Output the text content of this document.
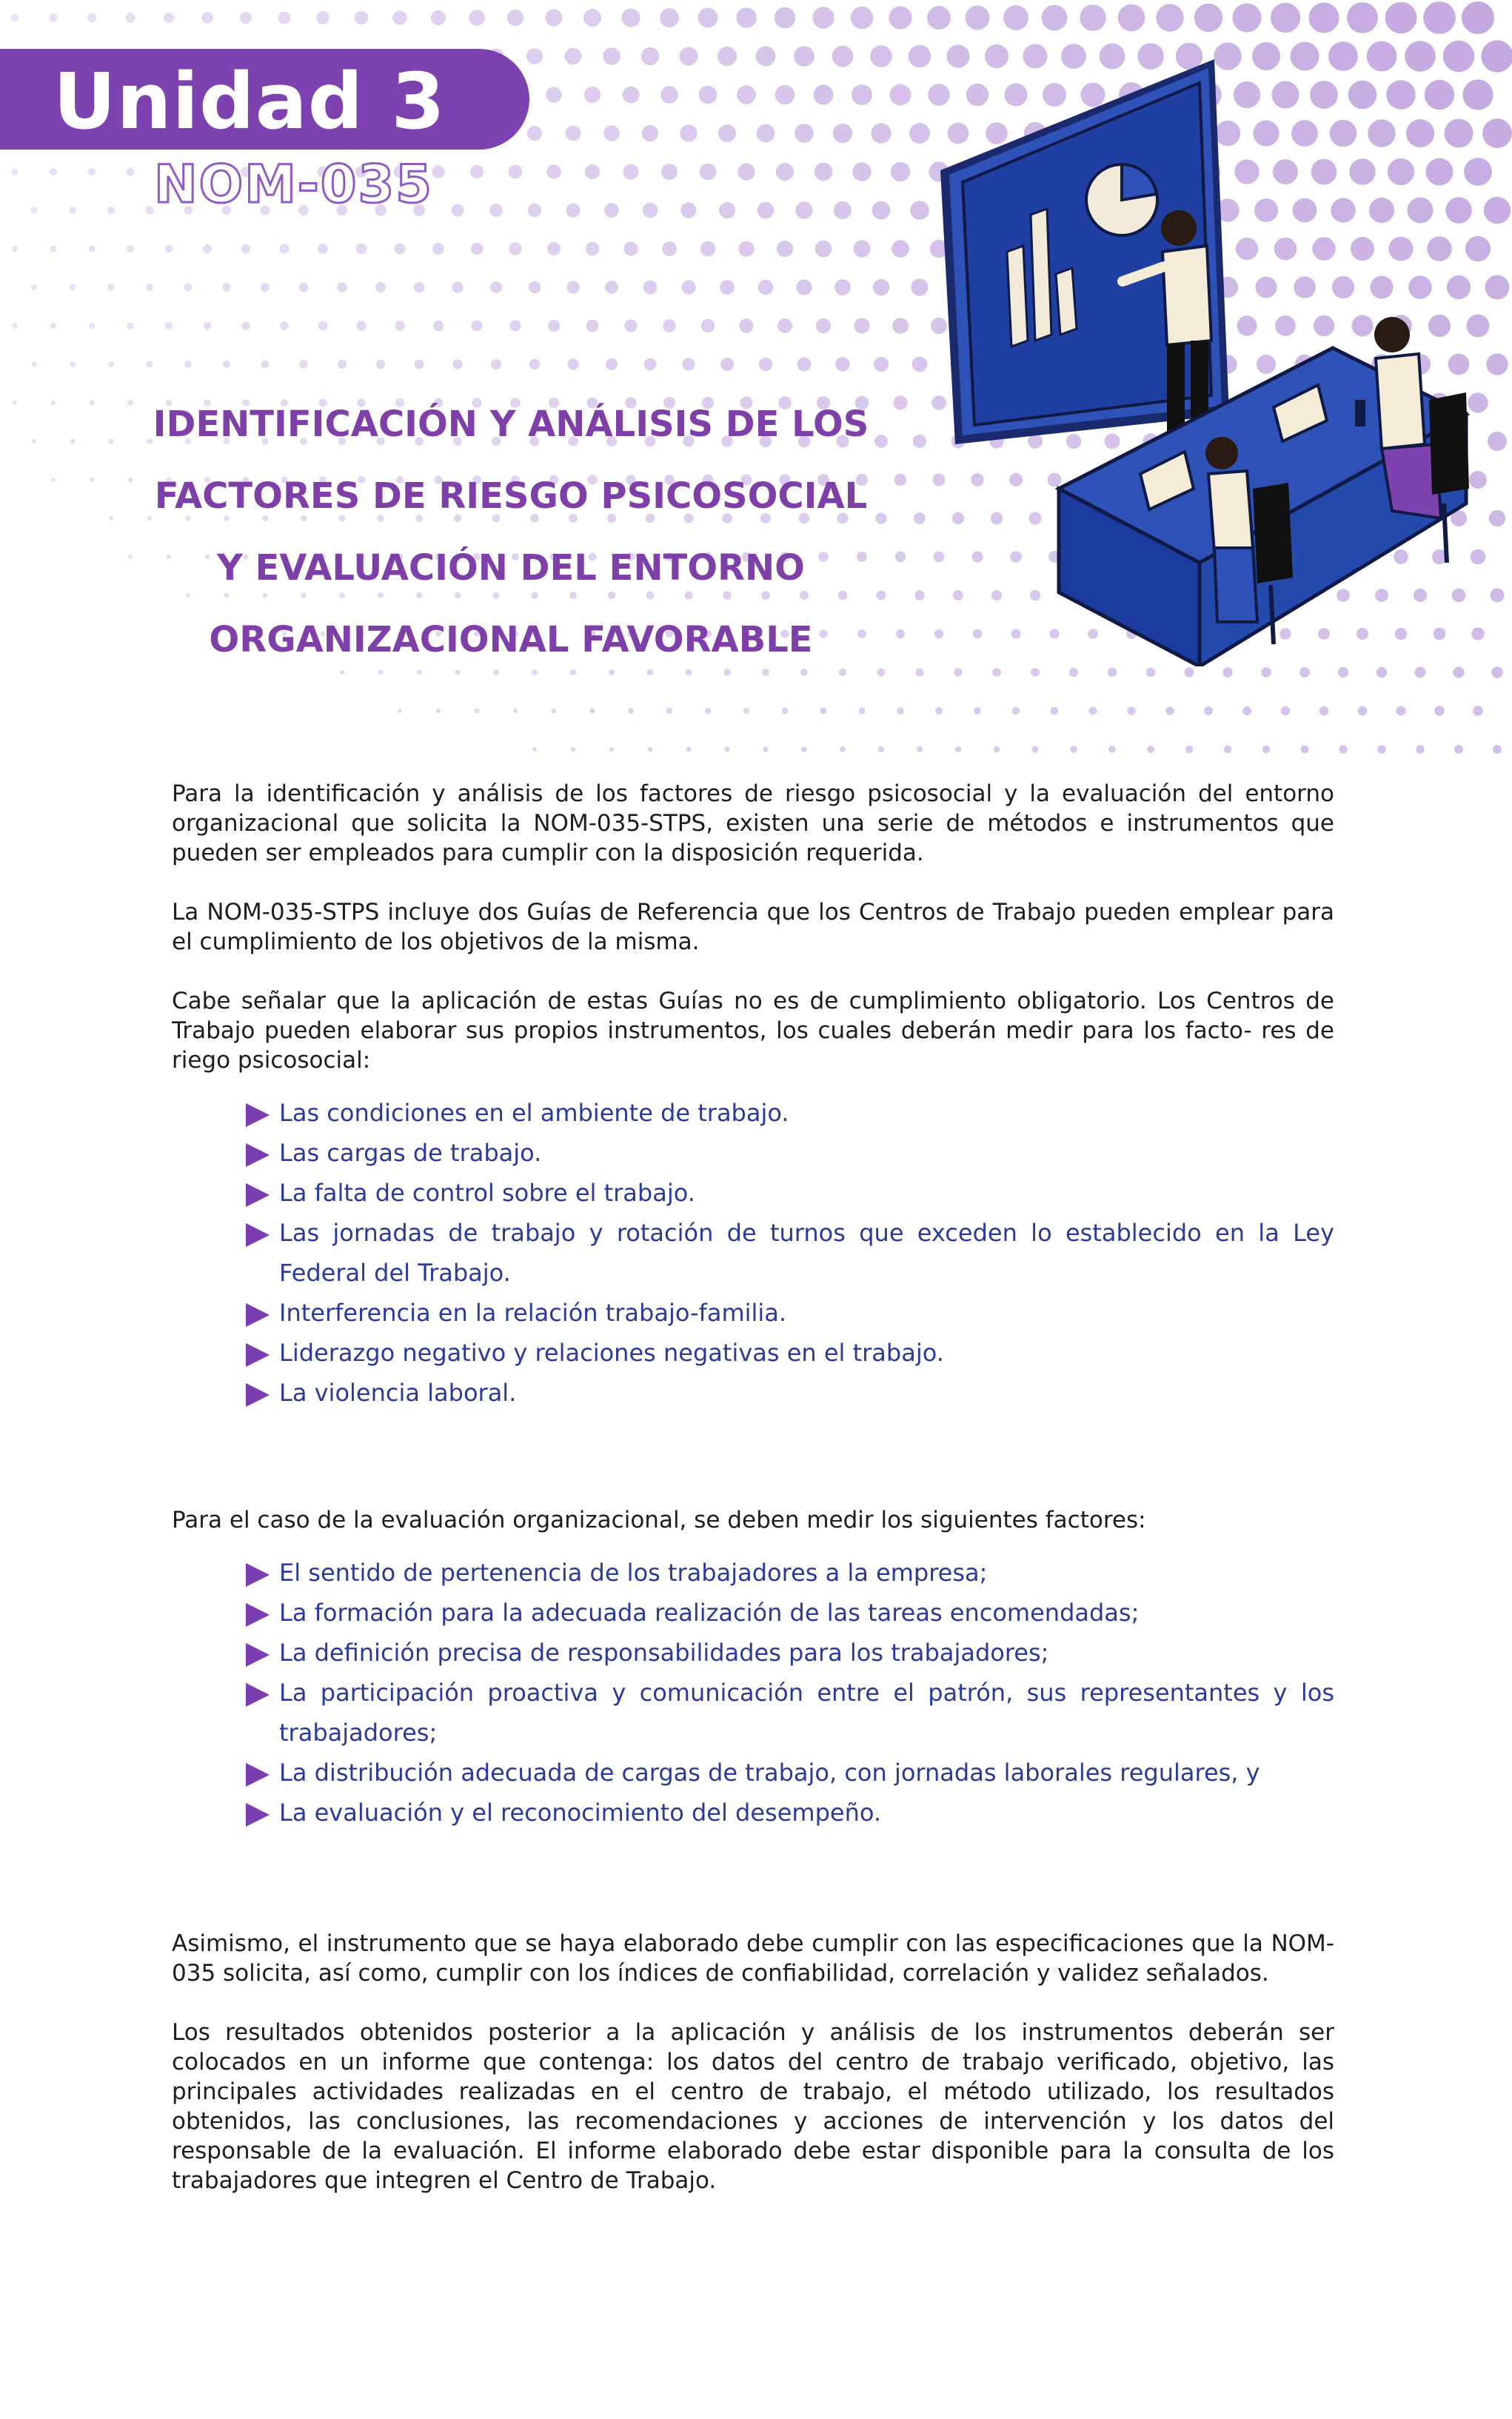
Unidad 3
NOM-035
IDENTIFICACIÓN Y ANÁLISIS DE LOS
FACTORES DE RIESGO PSICOSOCIAL
Y EVALUACIÓN DEL ENTORNO
ORGANIZACIONAL FAVORABLE

Para la identificación y análisis de los factores de riesgo psicosocial y la evaluación del entorno organizacional que solicita la NOM-035-STPS, existen una serie de métodos e instrumentos que pueden ser empleados para cumplir con la disposición requerida.

La NOM-035-STPS incluye dos Guías de Referencia que los Centros de Trabajo pueden emplear para el cumplimiento de los objetivos de la misma.

Cabe señalar que la aplicación de estas Guías no es de cumplimiento obligatorio. Los Centros de Trabajo pueden elaborar sus propios instrumentos, los cuales deberán medir para los facto- res de riego psicosocial:

Las condiciones en el ambiente de trabajo.
Las cargas de trabajo.
La falta de control sobre el trabajo.
Las jornadas de trabajo y rotación de turnos que exceden lo establecido en la Ley Federal del Trabajo.
Interferencia en la relación trabajo-familia.
Liderazgo negativo y relaciones negativas en el trabajo.
La violencia laboral.

Para el caso de la evaluación organizacional, se deben medir los siguientes factores:

El sentido de pertenencia de los trabajadores a la empresa;
La formación para la adecuada realización de las tareas encomendadas;
La definición precisa de responsabilidades para los trabajadores;
La participación proactiva y comunicación entre el patrón, sus representantes y los trabajadores;
La distribución adecuada de cargas de trabajo, con jornadas laborales regulares, y
La evaluación y el reconocimiento del desempeño.

Asimismo, el instrumento que se haya elaborado debe cumplir con las especificaciones que la NOM-035 solicita, así como, cumplir con los índices de confiabilidad, correlación y validez señalados.

Los resultados obtenidos posterior a la aplicación y análisis de los instrumentos deberán ser colocados en un informe que contenga: los datos del centro de trabajo verificado, objetivo, las principales actividades realizadas en el centro de trabajo, el método utilizado, los resultados obtenidos, las conclusiones, las recomendaciones y acciones de intervención y los datos del responsable de la evaluación. El informe elaborado debe estar disponible para la consulta de los trabajadores que integren el Centro de Trabajo.
